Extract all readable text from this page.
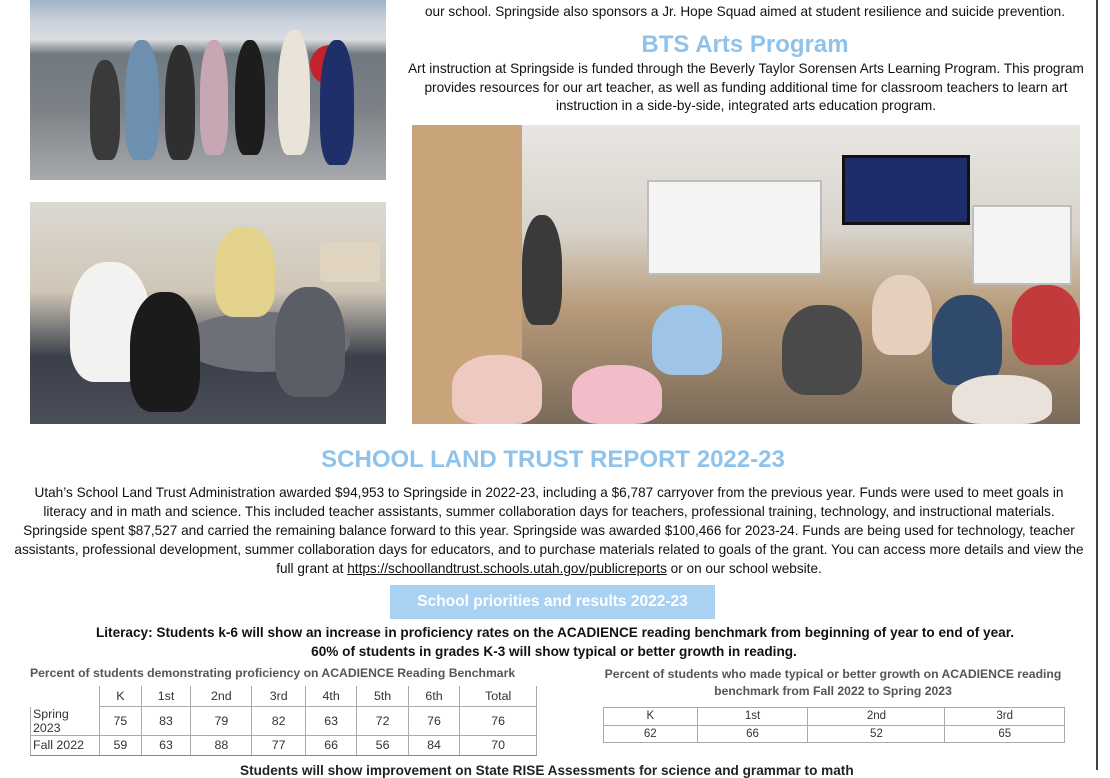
our school. Springside also sponsors a Jr. Hope Squad aimed at student resilience and suicide prevention.

BTS Arts Program

Art instruction at Springside is funded through the Beverly Taylor Sorensen Arts Learning Program. This program provides resources for our art teacher, as well as funding additional time for classroom teachers to learn art instruction in a side-by-side, integrated arts education program.

SCHOOL LAND TRUST REPORT 2022-23

Utah’s School Land Trust Administration awarded $94,953 to Springside in 2022-23, including a $6,787 carryover from the previous year. Funds were used to meet goals in literacy and in math and science. This included teacher assistants, summer collaboration days for teachers, professional training, technology, and instructional materials. Springside spent $87,527 and carried the remaining balance forward to this year. Springside was awarded $100,466 for 2023-24. Funds are being used for technology, teacher assistants, professional development, summer collaboration days for educators, and to purchase materials related to goals of the grant. You can access more details and view the full grant at https://schoollandtrust.schools.utah.gov/publicreports or on our school website.

School priorities and results 2022-23

Literacy: Students k-6 will show an increase in proficiency rates on the ACADIENCE reading benchmark from beginning of year to end of year.

60% of students in grades K-3 will show typical or better growth in reading.

Percent of students demonstrating proficiency on ACADIENCE Reading Benchmark
	K	1st	2nd	3rd	4th	5th	6th	Total
Spring 2023	75	83	79	82	63	72	76	76
Fall 2022	59	63	88	77	66	56	84	70
Percent of students who made typical or better growth on ACADIENCE reading benchmark from Fall 2022 to Spring 2023
K	1st	2nd	3rd
62	66	52	65
Students will show improvement on State RISE Assessments for science and grammar to math
